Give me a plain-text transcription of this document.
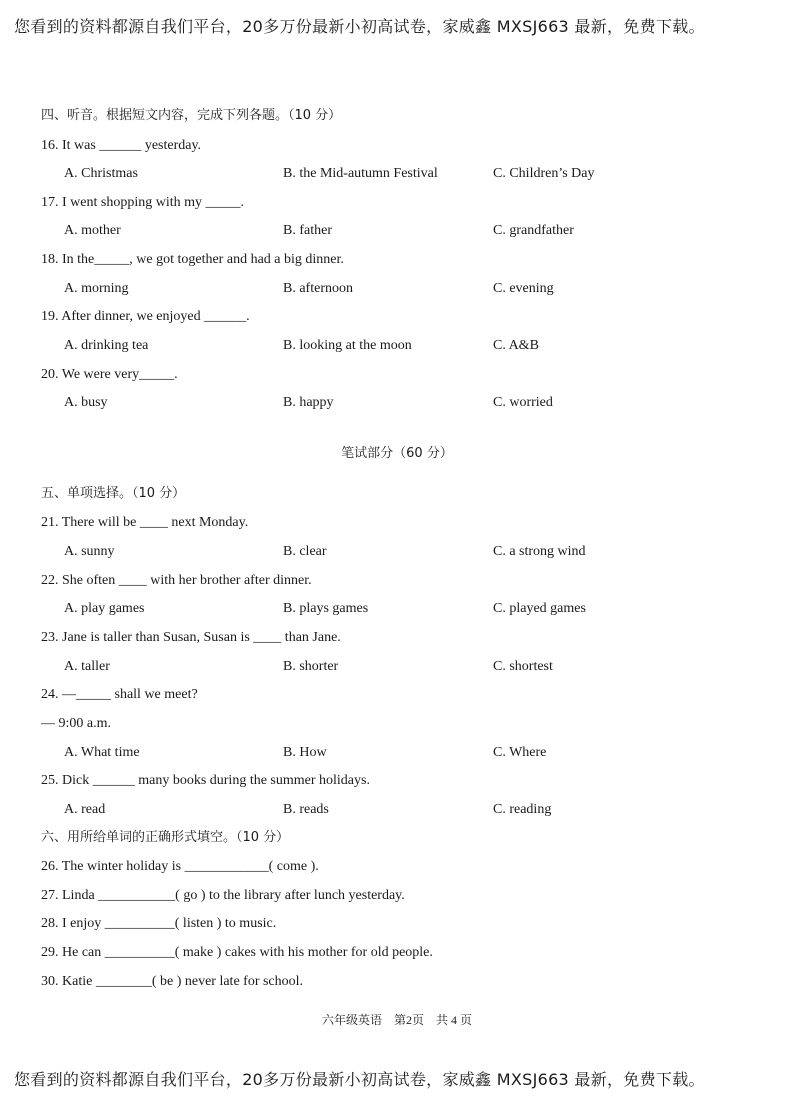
您看到的资料都源自我们平台，20多万份最新小初高试卷，家威鑫 MXSJ663 最新，免费下载。
四、听音。根据短文内容，完成下列各题。（10 分）
16. It was ______ yesterday.
A. Christmas	B. the Mid-autumn Festival	C. Children’s Day
17. I went shopping with my _____.
A. mother	B. father	C. grandfather
18. In the_____, we got together and had a big dinner.
A. morning	B. afternoon	C. evening
19. After dinner, we enjoyed ______.
A. drinking tea	B. looking at the moon	C. A&B
20. We were very_____.
A. busy	B. happy	C. worried
笔试部分（60 分）
五、单项选择。（10 分）
21. There will be ____ next Monday.
A. sunny	B. clear	C. a strong wind
22. She often ____ with her brother after dinner.
A. play games	B. plays games	C. played games
23. Jane is taller than Susan, Susan is ____ than Jane.
A. taller	B. shorter	C. shortest
24. —_____ shall we meet?
— 9:00 a.m.
A. What time	B. How	C. Where
25. Dick ______ many books during the summer holidays.
A. read	B. reads	C. reading
六、用所给单词的正确形式填空。（10 分）
26. The winter holiday is ____________( come ).
27. Linda ___________( go ) to the library after lunch yesterday.
28. I enjoy __________( listen ) to music.
29. He can __________( make ) cakes with his mother for old people.
30. Katie ________( be ) never late for school.
六年级英语　第2页　共 4 页
您看到的资料都源自我们平台，20多万份最新小初高试卷，家威鑫 MXSJ663 最新，免费下载。
